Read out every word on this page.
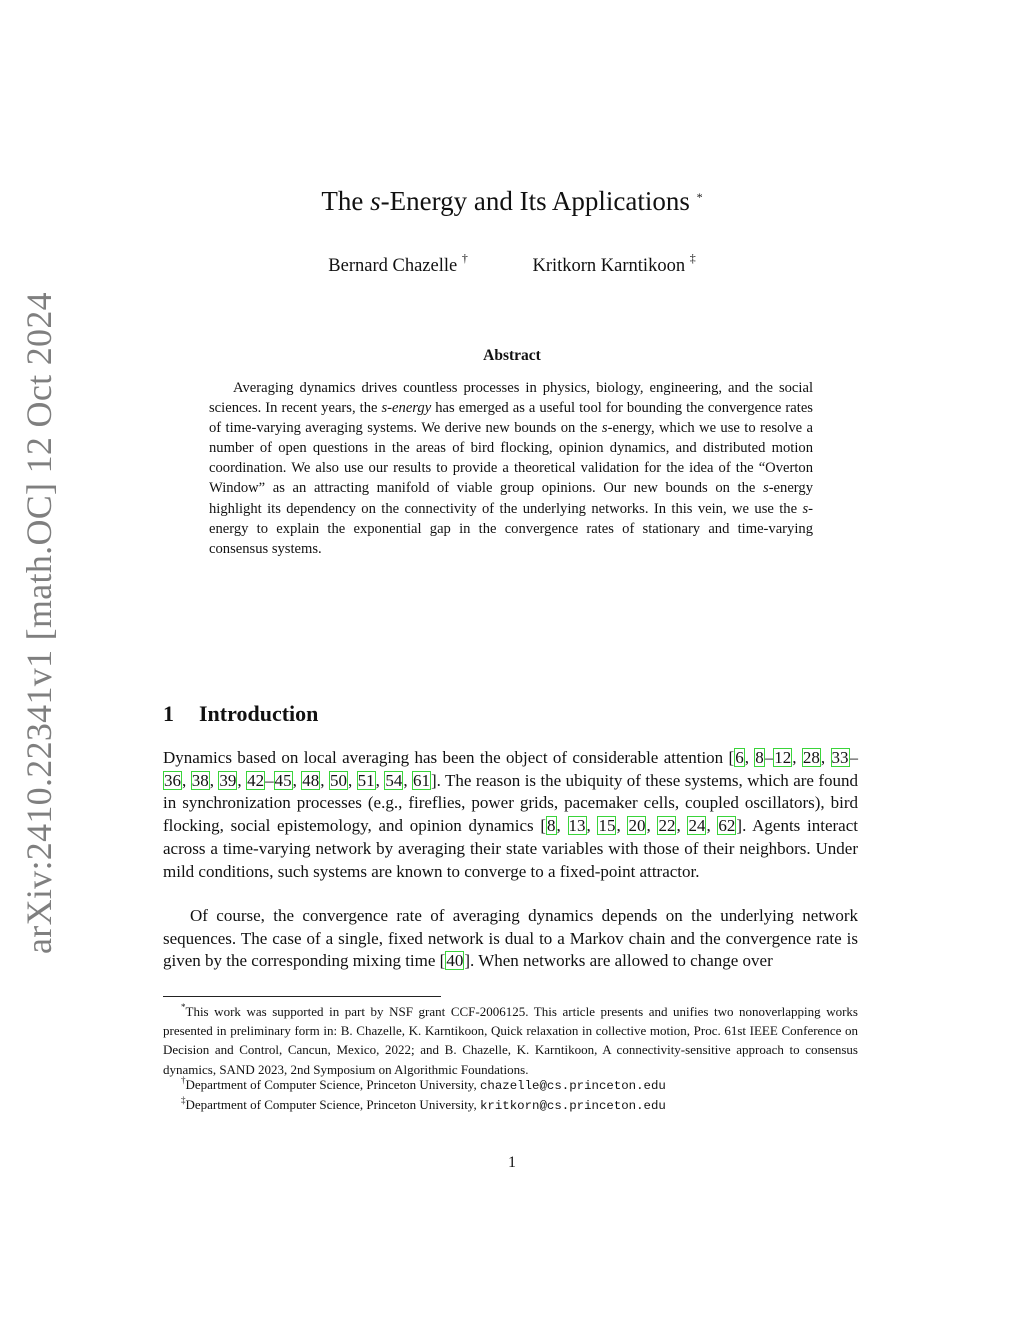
arXiv:2410.22341v1 [math.OC] 12 Oct 2024
The s-Energy and Its Applications *
Bernard Chazelle †	Kritkorn Karntikoon ‡
Abstract
Averaging dynamics drives countless processes in physics, biology, engineering, and the social sciences. In recent years, the s-energy has emerged as a useful tool for bounding the convergence rates of time-varying averaging systems. We derive new bounds on the s-energy, which we use to resolve a number of open questions in the areas of bird flocking, opinion dynamics, and distributed motion coordination. We also use our results to provide a theoretical validation for the idea of the “Overton Window” as an attracting manifold of viable group opinions. Our new bounds on the s-energy highlight its dependency on the connectivity of the underlying networks. In this vein, we use the s-energy to explain the exponential gap in the convergence rates of stationary and time-varying consensus systems.
1 Introduction
Dynamics based on local averaging has been the object of considerable attention [6, 8–12, 28, 33–36, 38, 39, 42–45, 48, 50, 51, 54, 61]. The reason is the ubiquity of these systems, which are found in synchronization processes (e.g., fireflies, power grids, pacemaker cells, coupled oscillators), bird flocking, social epistemology, and opinion dynamics [8, 13, 15, 20, 22, 24, 62]. Agents interact across a time-varying network by averaging their state variables with those of their neighbors. Under mild conditions, such systems are known to converge to a fixed-point attractor.
Of course, the convergence rate of averaging dynamics depends on the underlying network sequences. The case of a single, fixed network is dual to a Markov chain and the convergence rate is given by the corresponding mixing time [40]. When networks are allowed to change over
*This work was supported in part by NSF grant CCF-2006125. This article presents and unifies two nonoverlapping works presented in preliminary form in: B. Chazelle, K. Karntikoon, Quick relaxation in collective motion, Proc. 61st IEEE Conference on Decision and Control, Cancun, Mexico, 2022; and B. Chazelle, K. Karntikoon, A connectivity-sensitive approach to consensus dynamics, SAND 2023, 2nd Symposium on Algorithmic Foundations.
†Department of Computer Science, Princeton University, chazelle@cs.princeton.edu
‡Department of Computer Science, Princeton University, kritkorn@cs.princeton.edu
1
